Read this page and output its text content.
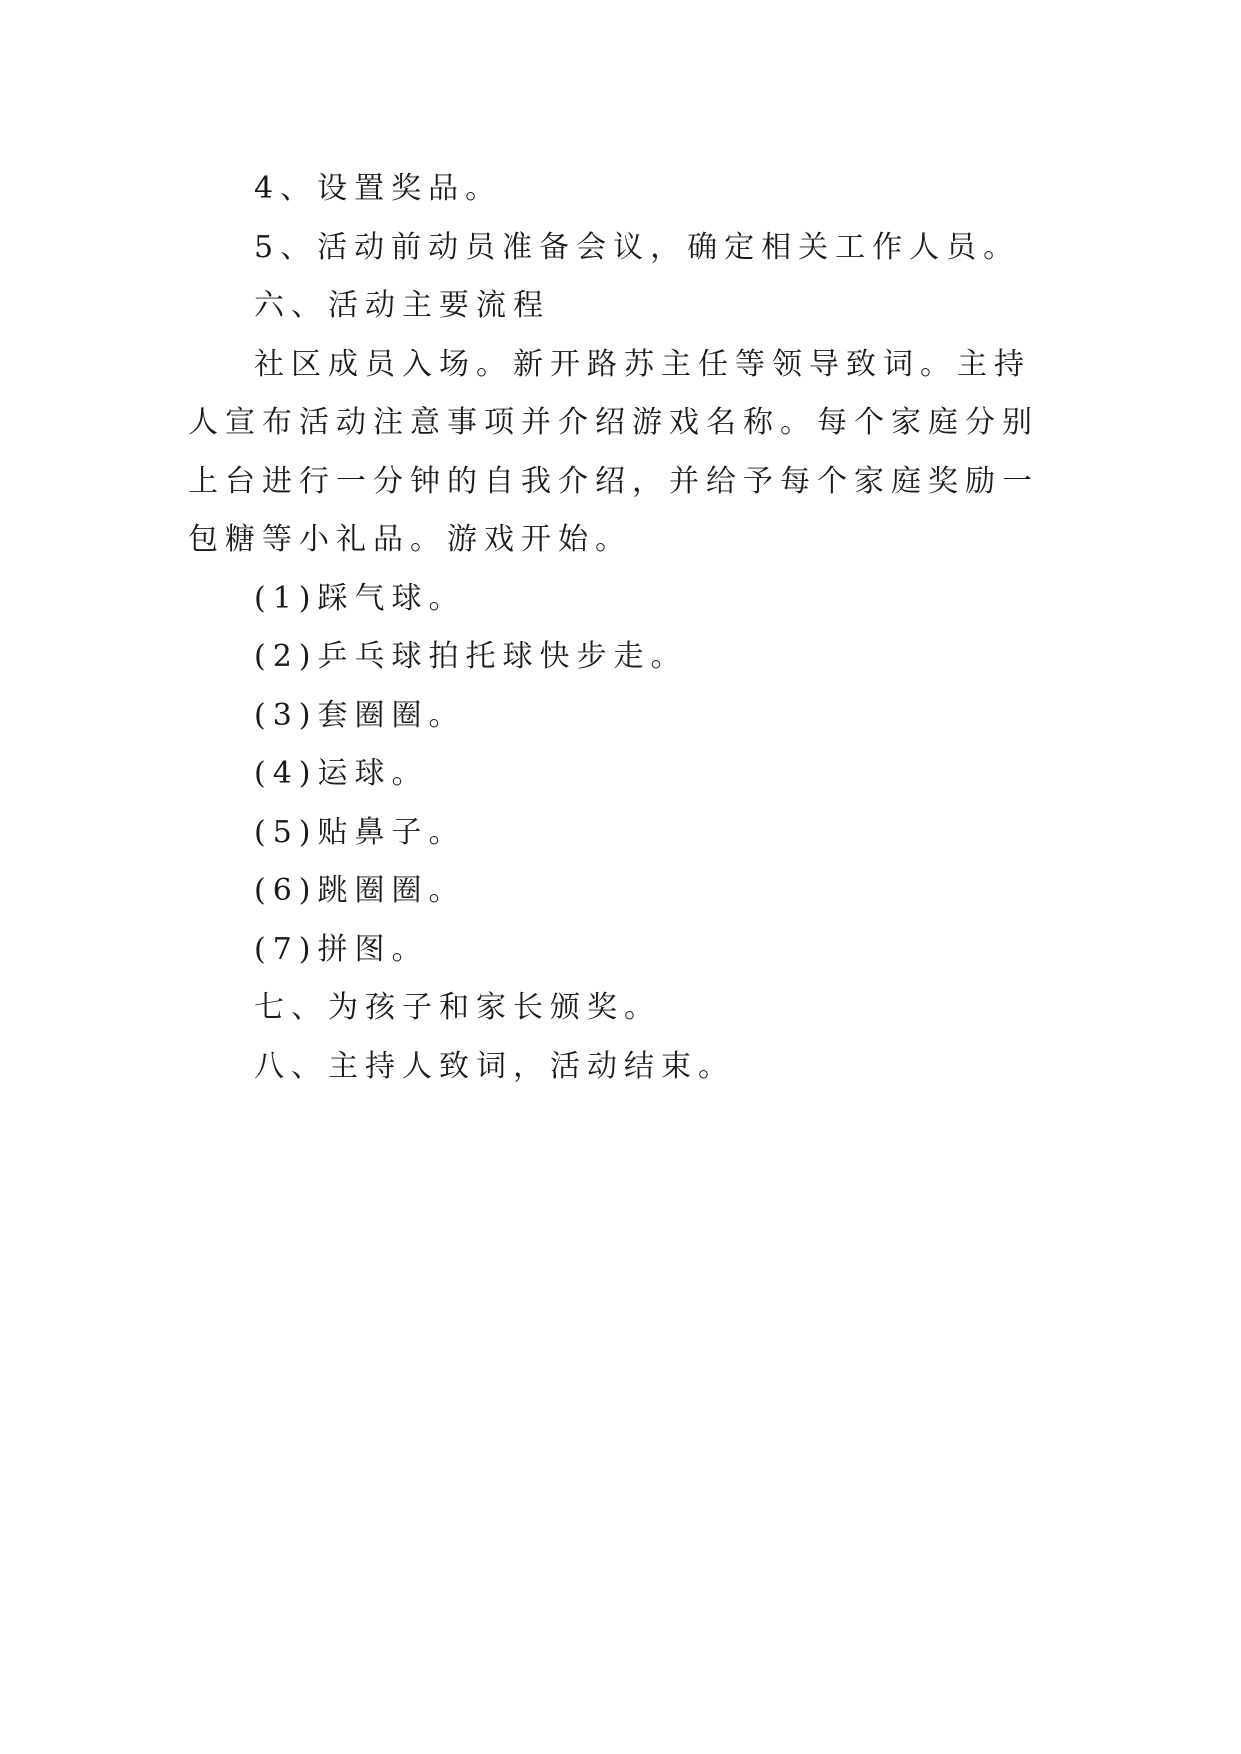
4、设置奖品。

5、活动前动员准备会议，确定相关工作人员。

六、活动主要流程

社区成员入场。新开路苏主任等领导致词。主持人宣布活动注意事项并介绍游戏名称。每个家庭分别上台进行一分钟的自我介绍，并给予每个家庭奖励一包糖等小礼品。游戏开始。

(1)踩气球。

(2)乒乓球拍托球快步走。

(3)套圈圈。

(4)运球。

(5)贴鼻子。

(6)跳圈圈。

(7)拼图。

七、为孩子和家长颁奖。

八、主持人致词，活动结束。
